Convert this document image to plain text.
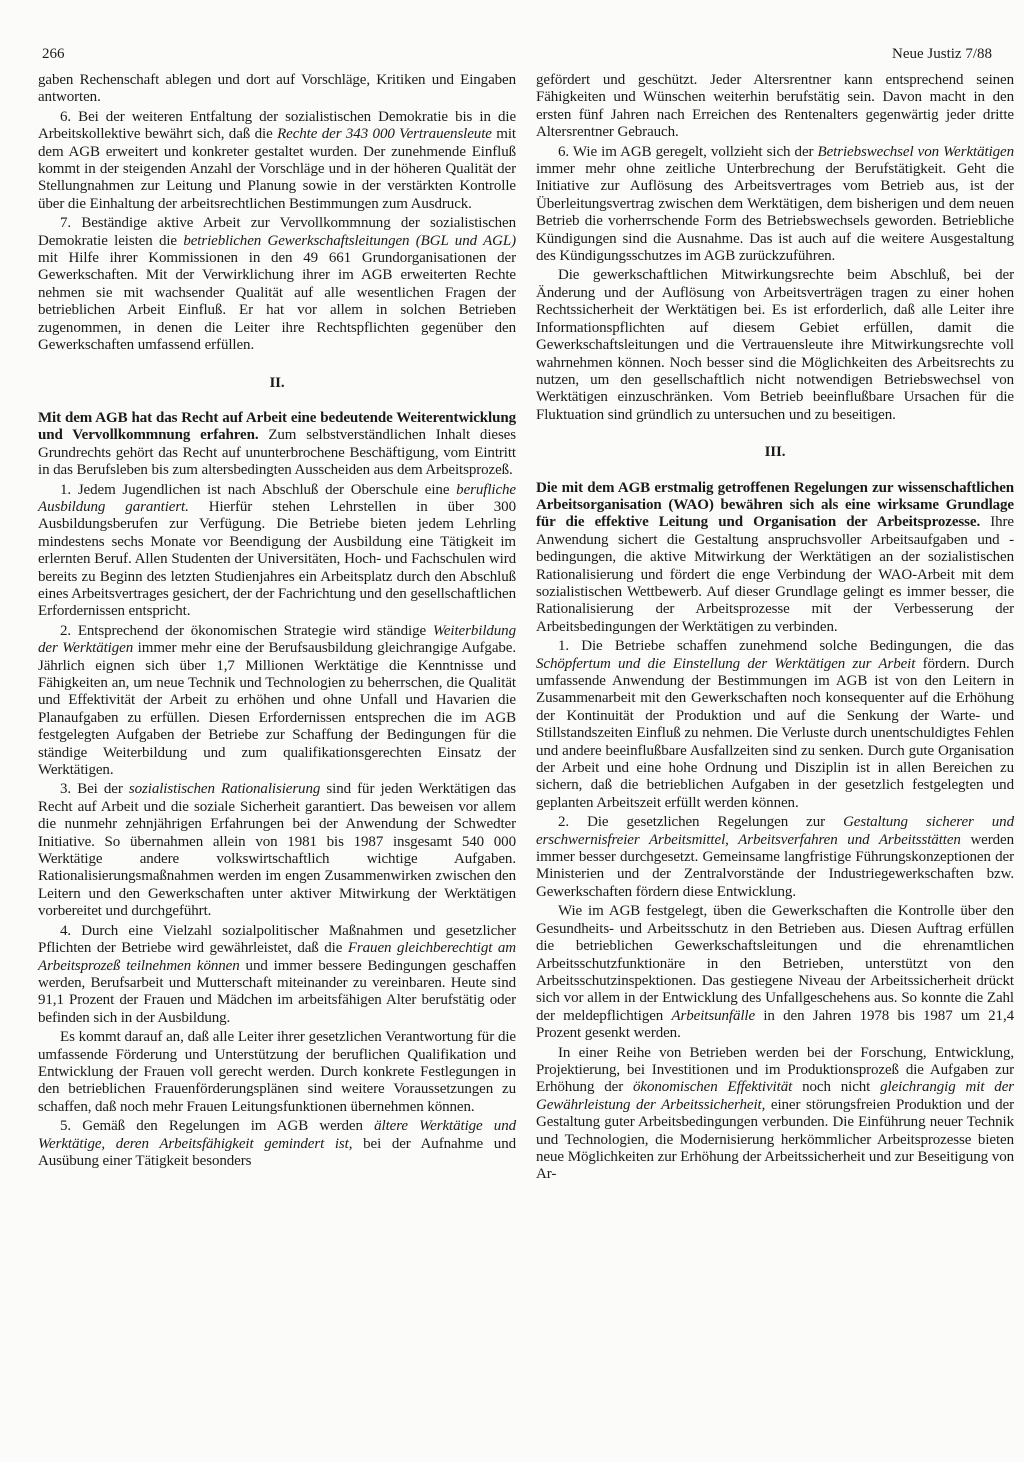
266	Neue Justiz 7/88

gaben Rechenschaft ablegen und dort auf Vorschläge, Kritiken und Eingaben antworten.

6. Bei der weiteren Entfaltung der sozialistischen Demokratie bis in die Arbeitskollektive bewährt sich, daß die Rechte der 343 000 Vertrauensleute mit dem AGB erweitert und konkreter gestaltet wurden. Der zunehmende Einfluß kommt in der steigenden Anzahl der Vorschläge und in der höheren Qualität der Stellungnahmen zur Leitung und Planung sowie in der verstärkten Kontrolle über die Einhaltung der arbeitsrechtlichen Bestimmungen zum Ausdruck.

7. Beständige aktive Arbeit zur Vervollkommnung der sozialistischen Demokratie leisten die betrieblichen Gewerkschaftsleitungen (BGL und AGL) mit Hilfe ihrer Kommissionen in den 49 661 Grundorganisationen der Gewerkschaften. Mit der Verwirklichung ihrer im AGB erweiterten Rechte nehmen sie mit wachsender Qualität auf alle wesentlichen Fragen der betrieblichen Arbeit Einfluß. Er hat vor allem in solchen Betrieben zugenommen, in denen die Leiter ihre Rechtspflichten gegenüber den Gewerkschaften umfassend erfüllen.

II.

Mit dem AGB hat das Recht auf Arbeit eine bedeutende Weiterentwicklung und Vervollkommnung erfahren. Zum selbstverständlichen Inhalt dieses Grundrechts gehört das Recht auf ununterbrochene Beschäftigung, vom Eintritt in das Berufsleben bis zum altersbedingten Ausscheiden aus dem Arbeitsprozeß.

1. Jedem Jugendlichen ist nach Abschluß der Oberschule eine berufliche Ausbildung garantiert. Hierfür stehen Lehrstellen in über 300 Ausbildungsberufen zur Verfügung. Die Betriebe bieten jedem Lehrling mindestens sechs Monate vor Beendigung der Ausbildung eine Tätigkeit im erlernten Beruf. Allen Studenten der Universitäten, Hoch- und Fachschulen wird bereits zu Beginn des letzten Studienjahres ein Arbeitsplatz durch den Abschluß eines Arbeitsvertrages gesichert, der der Fachrichtung und den gesellschaftlichen Erfordernissen entspricht.

2. Entsprechend der ökonomischen Strategie wird ständige Weiterbildung der Werktätigen immer mehr eine der Berufsausbildung gleichrangige Aufgabe. Jährlich eignen sich über 1,7 Millionen Werktätige die Kenntnisse und Fähigkeiten an, um neue Technik und Technologien zu beherrschen, die Qualität und Effektivität der Arbeit zu erhöhen und ohne Unfall und Havarien die Planaufgaben zu erfüllen. Diesen Erfordernissen entsprechen die im AGB festgelegten Aufgaben der Betriebe zur Schaffung der Bedingungen für die ständige Weiterbildung und zum qualifikationsgerechten Einsatz der Werktätigen.

3. Bei der sozialistischen Rationalisierung sind für jeden Werktätigen das Recht auf Arbeit und die soziale Sicherheit garantiert. Das beweisen vor allem die nunmehr zehnjährigen Erfahrungen bei der Anwendung der Schwedter Initiative. So übernahmen allein von 1981 bis 1987 insgesamt 540 000 Werktätige andere volkswirtschaftlich wichtige Aufgaben. Rationalisierungsmaßnahmen werden im engen Zusammenwirken zwischen den Leitern und den Gewerkschaften unter aktiver Mitwirkung der Werktätigen vorbereitet und durchgeführt.

4. Durch eine Vielzahl sozialpolitischer Maßnahmen und gesetzlicher Pflichten der Betriebe wird gewährleistet, daß die Frauen gleichberechtigt am Arbeitsprozeß teilnehmen können und immer bessere Bedingungen geschaffen werden, Berufsarbeit und Mutterschaft miteinander zu vereinbaren. Heute sind 91,1 Prozent der Frauen und Mädchen im arbeitsfähigen Alter berufstätig oder befinden sich in der Ausbildung.

Es kommt darauf an, daß alle Leiter ihrer gesetzlichen Verantwortung für die umfassende Förderung und Unterstützung der beruflichen Qualifikation und Entwicklung der Frauen voll gerecht werden. Durch konkrete Festlegungen in den betrieblichen Frauenförderungsplänen sind weitere Voraussetzungen zu schaffen, daß noch mehr Frauen Leitungsfunktionen übernehmen können.

5. Gemäß den Regelungen im AGB werden ältere Werktätige und Werktätige, deren Arbeitsfähigkeit gemindert ist, bei der Aufnahme und Ausübung einer Tätigkeit besonders

gefördert und geschützt. Jeder Altersrentner kann entsprechend seinen Fähigkeiten und Wünschen weiterhin berufstätig sein. Davon macht in den ersten fünf Jahren nach Erreichen des Rentenalters gegenwärtig jeder dritte Altersrentner Gebrauch.

6. Wie im AGB geregelt, vollzieht sich der Betriebswechsel von Werktätigen immer mehr ohne zeitliche Unterbrechung der Berufstätigkeit. Geht die Initiative zur Auflösung des Arbeitsvertrages vom Betrieb aus, ist der Überleitungsvertrag zwischen dem Werktätigen, dem bisherigen und dem neuen Betrieb die vorherrschende Form des Betriebswechsels geworden. Betriebliche Kündigungen sind die Ausnahme. Das ist auch auf die weitere Ausgestaltung des Kündigungsschutzes im AGB zurückzuführen.

Die gewerkschaftlichen Mitwirkungsrechte beim Abschluß, bei der Änderung und der Auflösung von Arbeitsverträgen tragen zu einer hohen Rechtssicherheit der Werktätigen bei. Es ist erforderlich, daß alle Leiter ihre Informationspflichten auf diesem Gebiet erfüllen, damit die Gewerkschaftsleitungen und die Vertrauensleute ihre Mitwirkungsrechte voll wahrnehmen können. Noch besser sind die Möglichkeiten des Arbeitsrechts zu nutzen, um den gesellschaftlich nicht notwendigen Betriebswechsel von Werktätigen einzuschränken. Vom Betrieb beeinflußbare Ursachen für die Fluktuation sind gründlich zu untersuchen und zu beseitigen.

III.

Die mit dem AGB erstmalig getroffenen Regelungen zur wissenschaftlichen Arbeitsorganisation (WAO) bewähren sich als eine wirksame Grundlage für die effektive Leitung und Organisation der Arbeitsprozesse. Ihre Anwendung sichert die Gestaltung anspruchsvoller Arbeitsaufgaben und -bedingungen, die aktive Mitwirkung der Werktätigen an der sozialistischen Rationalisierung und fördert die enge Verbindung der WAO-Arbeit mit dem sozialistischen Wettbewerb. Auf dieser Grundlage gelingt es immer besser, die Rationalisierung der Arbeitsprozesse mit der Verbesserung der Arbeitsbedingungen der Werktätigen zu verbinden.

1. Die Betriebe schaffen zunehmend solche Bedingungen, die das Schöpfertum und die Einstellung der Werktätigen zur Arbeit fördern. Durch umfassende Anwendung der Bestimmungen im AGB ist von den Leitern in Zusammenarbeit mit den Gewerkschaften noch konsequenter auf die Erhöhung der Kontinuität der Produktion und auf die Senkung der Warte- und Stillstandszeiten Einfluß zu nehmen. Die Verluste durch unentschuldigtes Fehlen und andere beeinflußbare Ausfallzeiten sind zu senken. Durch gute Organisation der Arbeit und eine hohe Ordnung und Disziplin ist in allen Bereichen zu sichern, daß die betrieblichen Aufgaben in der gesetzlich festgelegten und geplanten Arbeitszeit erfüllt werden können.

2. Die gesetzlichen Regelungen zur Gestaltung sicherer und erschwernisfreier Arbeitsmittel, Arbeitsverfahren und Arbeitsstätten werden immer besser durchgesetzt. Gemeinsame langfristige Führungskonzeptionen der Ministerien und der Zentralvorstände der Industriegewerkschaften bzw. Gewerkschaften fördern diese Entwicklung.

Wie im AGB festgelegt, üben die Gewerkschaften die Kontrolle über den Gesundheits- und Arbeitsschutz in den Betrieben aus. Diesen Auftrag erfüllen die betrieblichen Gewerkschaftsleitungen und die ehrenamtlichen Arbeitsschutzfunktionäre in den Betrieben, unterstützt von den Arbeitsschutzinspektionen. Das gestiegene Niveau der Arbeitssicherheit drückt sich vor allem in der Entwicklung des Unfallgeschehens aus. So konnte die Zahl der meldepflichtigen Arbeitsunfälle in den Jahren 1978 bis 1987 um 21,4 Prozent gesenkt werden.

In einer Reihe von Betrieben werden bei der Forschung, Entwicklung, Projektierung, bei Investitionen und im Produktionsprozeß die Aufgaben zur Erhöhung der ökonomischen Effektivität noch nicht gleichrangig mit der Gewährleistung der Arbeitssicherheit, einer störungsfreien Produktion und der Gestaltung guter Arbeitsbedingungen verbunden. Die Einführung neuer Technik und Technologien, die Modernisierung herkömmlicher Arbeitsprozesse bieten neue Möglichkeiten zur Erhöhung der Arbeitssicherheit und zur Beseitigung von Ar-
